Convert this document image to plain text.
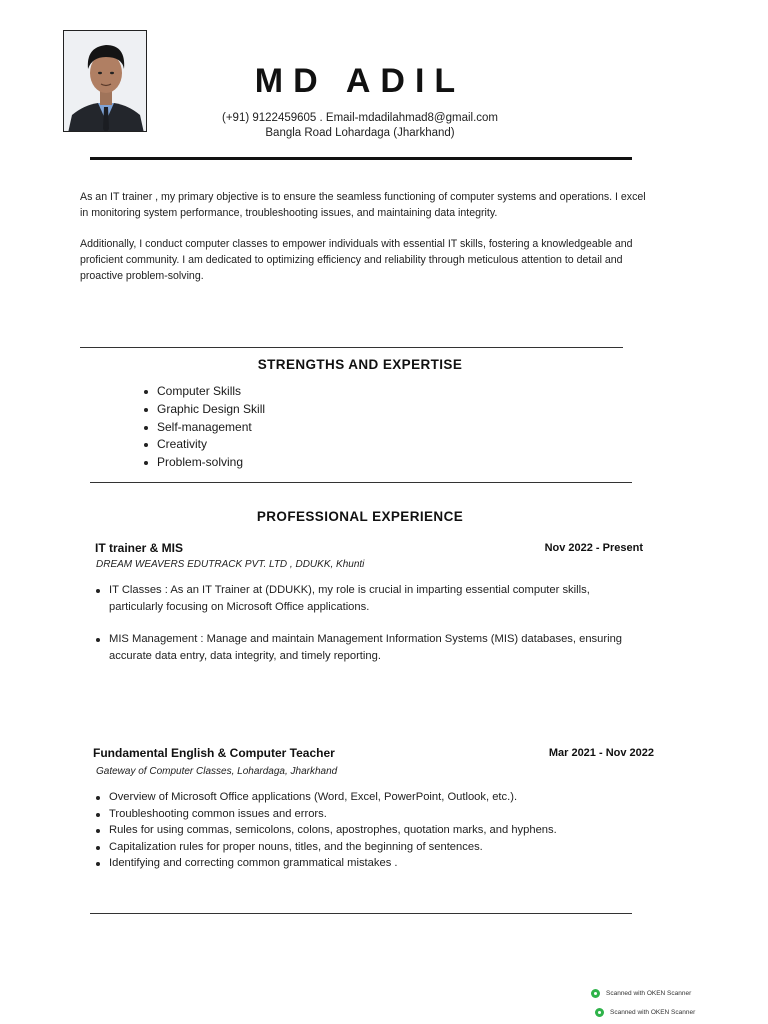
MD ADIL
(+91) 9122459605 . Email-mdadilahmad8@gmail.com
Bangla Road Lohardaga (Jharkhand)

As an IT trainer , my primary objective is to ensure the seamless functioning of computer systems and operations. I excel in monitoring system performance, troubleshooting issues, and maintaining data integrity.

Additionally, I conduct computer classes to empower individuals with essential IT skills, fostering a knowledgeable and proficient community. I am dedicated to optimizing efficiency and reliability through meticulous attention to detail and proactive problem-solving.

STRENGTHS AND EXPERTISE
Computer Skills
Graphic Design Skill
Self-management
Creativity
Problem-solving
PROFESSIONAL EXPERIENCE
IT trainer & MIS	Nov 2022 - Present
DREAM WEAVERS EDUTRACK PVT. LTD , DDUKK, Khunti
IT Classes : As an IT Trainer at (DDUKK), my role is crucial in imparting essential computer skills, particularly focusing on Microsoft Office applications.
MIS Management : Manage and maintain Management Information Systems (MIS) databases, ensuring accurate data entry, data integrity, and timely reporting.
Fundamental English & Computer Teacher	Mar 2021 - Nov 2022
Gateway of Computer Classes, Lohardaga, Jharkhand
Overview of Microsoft Office applications (Word, Excel, PowerPoint, Outlook, etc.).
Troubleshooting common issues and errors.
Rules for using commas, semicolons, colons, apostrophes, quotation marks, and hyphens.
Capitalization rules for proper nouns, titles, and the beginning of sentences.
Identifying and correcting common grammatical mistakes .
Scanned with OKEN Scanner
Scanned with OKEN Scanner
